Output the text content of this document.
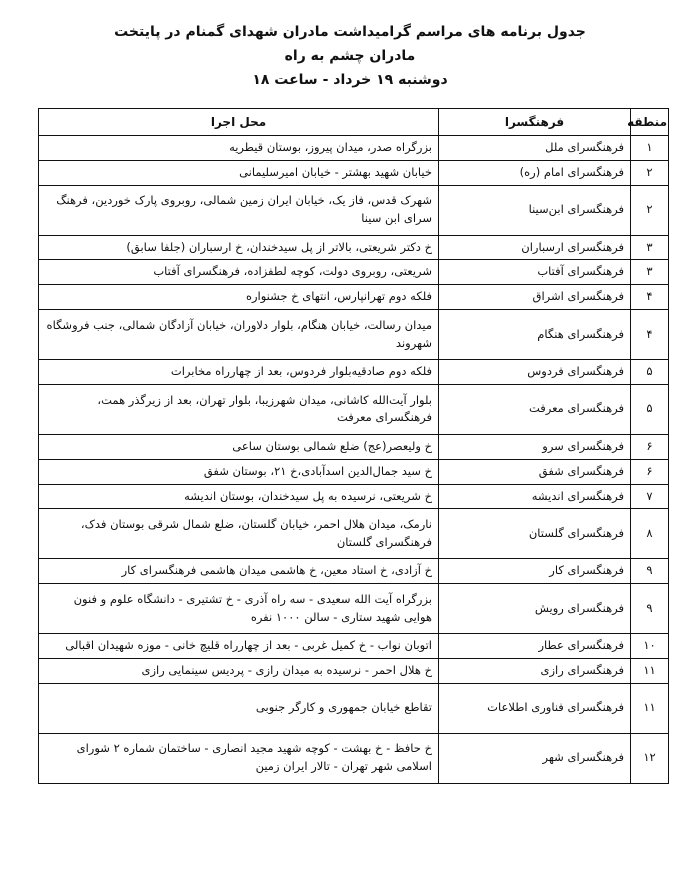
جدول برنامه های مراسم گرامیداشت مادران شهدای گمنام در پایتخت
مادران چشم به راه
دوشنبه ۱۹ خرداد - ساعت ۱۸
منطقه	فرهنگسرا	محل اجرا
۱	فرهنگسرای ملل	بزرگراه صدر، میدان پیروز، بوستان قیطریه
۲	فرهنگسرای امام (ره)	خیابان شهید بهشتر - خیابان امیرسلیمانی
۲	فرهنگسرای ابن‌سینا	شهرک قدس، فاز یک، خیابان ایران زمین شمالی، روبروی پارک خوردین، فرهنگ سرای ابن سینا
۳	فرهنگسرای ارسباران	خ دکتر شریعتی، بالاتر از پل سیدخندان، خ ارسباران (جلفا سابق)
۳	فرهنگسرای آفتاب	شریعتی، روبروی دولت، کوچه لطفزاده، فرهنگسرای آفتاب
۴	فرهنگسرای اشراق	فلکه دوم تهرانپارس، انتهای خ جشنواره
۴	فرهنگسرای هنگام	میدان رسالت، خیابان هنگام، بلوار دلاوران، خیابان آزادگان شمالی، جنب فروشگاه شهروند
۵	فرهنگسرای فردوس	فلکه دوم صادقیه‌بلوار فردوس، بعد از چهارراه مخابرات
۵	فرهنگسرای معرفت	بلوار آیت‌الله کاشانی، میدان شهرزیبا، بلوار تهران، بعد از زیرگذر همت، فرهنگسرای معرفت
۶	فرهنگسرای سرو	خ ولیعصر(عج) ضلع شمالی بوستان ساعی
۶	فرهنگسرای شفق	خ سید جمال‌الدین اسدآبادی،خ ۲۱، بوستان شفق
۷	فرهنگسرای اندیشه	خ شریعتی، نرسیده به پل سیدخندان، بوستان اندیشه
۸	فرهنگسرای گلستان	نارمک، میدان هلال احمر، خیابان گلستان، ضلع شمال شرقی بوستان فدک، فرهنگسرای گلستان
۹	فرهنگسرای کار	خ آزادی، خ استاد معین، خ هاشمی میدان هاشمی فرهنگسرای کار
۹	فرهنگسرای رویش	بزرگراه آیت الله سعیدی - سه راه آذری - خ تشتیری - دانشگاه علوم و فنون هوایی شهید ستاری - سالن ۱۰۰۰ نفره
۱۰	فرهنگسرای عطار	اتوبان نواب - خ کمیل غربی - بعد از چهارراه قلیچ خانی - موزه شهیدان اقبالی
۱۱	فرهنگسرای رازی	خ هلال احمر - نرسیده به میدان رازی - پردیس سینمایی رازی
۱۱	فرهنگسرای فناوری اطلاعات	تقاطع خیابان جمهوری و کارگر جنوبی
۱۲	فرهنگسرای شهر	خ حافظ - خ بهشت - کوچه شهید مجید انصاری - ساختمان شماره ۲ شورای اسلامی شهر تهران - تالار ایران زمین
